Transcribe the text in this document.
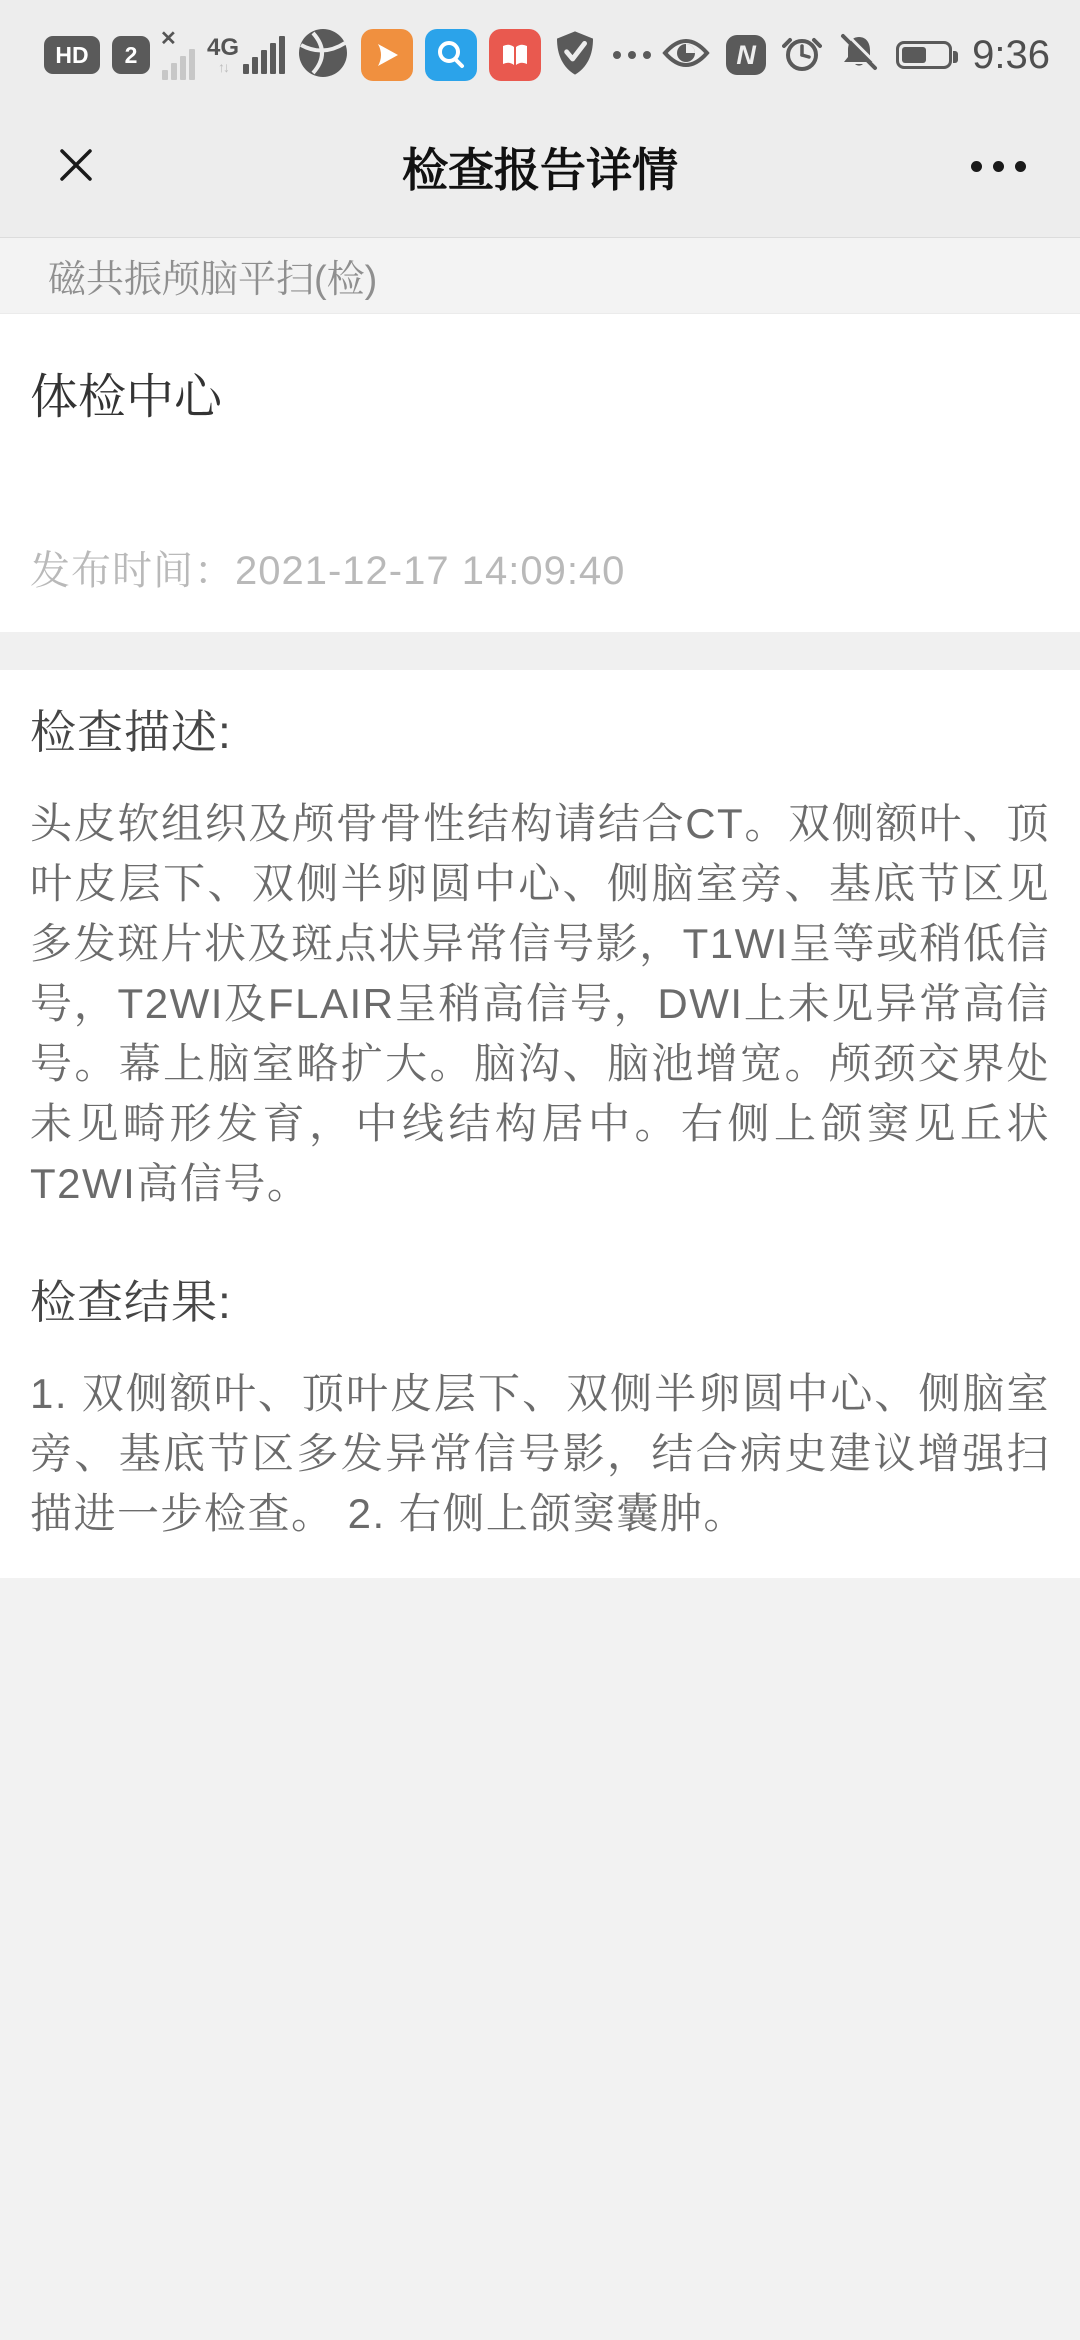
HD 2
✕ 4G
↑↓	N	9:36
检查报告详情
磁共振颅脑平扫(检)
体检中心
发布时间：2021-12-17 14:09:40
检查描述:
头皮软组织及颅骨骨性结构请结合CT。双侧额叶、顶叶皮层下、双侧半卵圆中心、侧脑室旁、基底节区见多发斑片状及斑点状异常信号影，T1WI呈等或稍低信号，T2WI及FLAIR呈稍高信号，DWI上未见异常高信号。幕上脑室略扩大。脑沟、脑池增宽。颅颈交界处未见畸形发育，中线结构居中。右侧上颌窦见丘状T2WI高信号。
检查结果:
1. 双侧额叶、顶叶皮层下、双侧半卵圆中心、侧脑室旁、基底节区多发异常信号影，结合病史建议增强扫描进一步检查。 2. 右侧上颌窦囊肿。
